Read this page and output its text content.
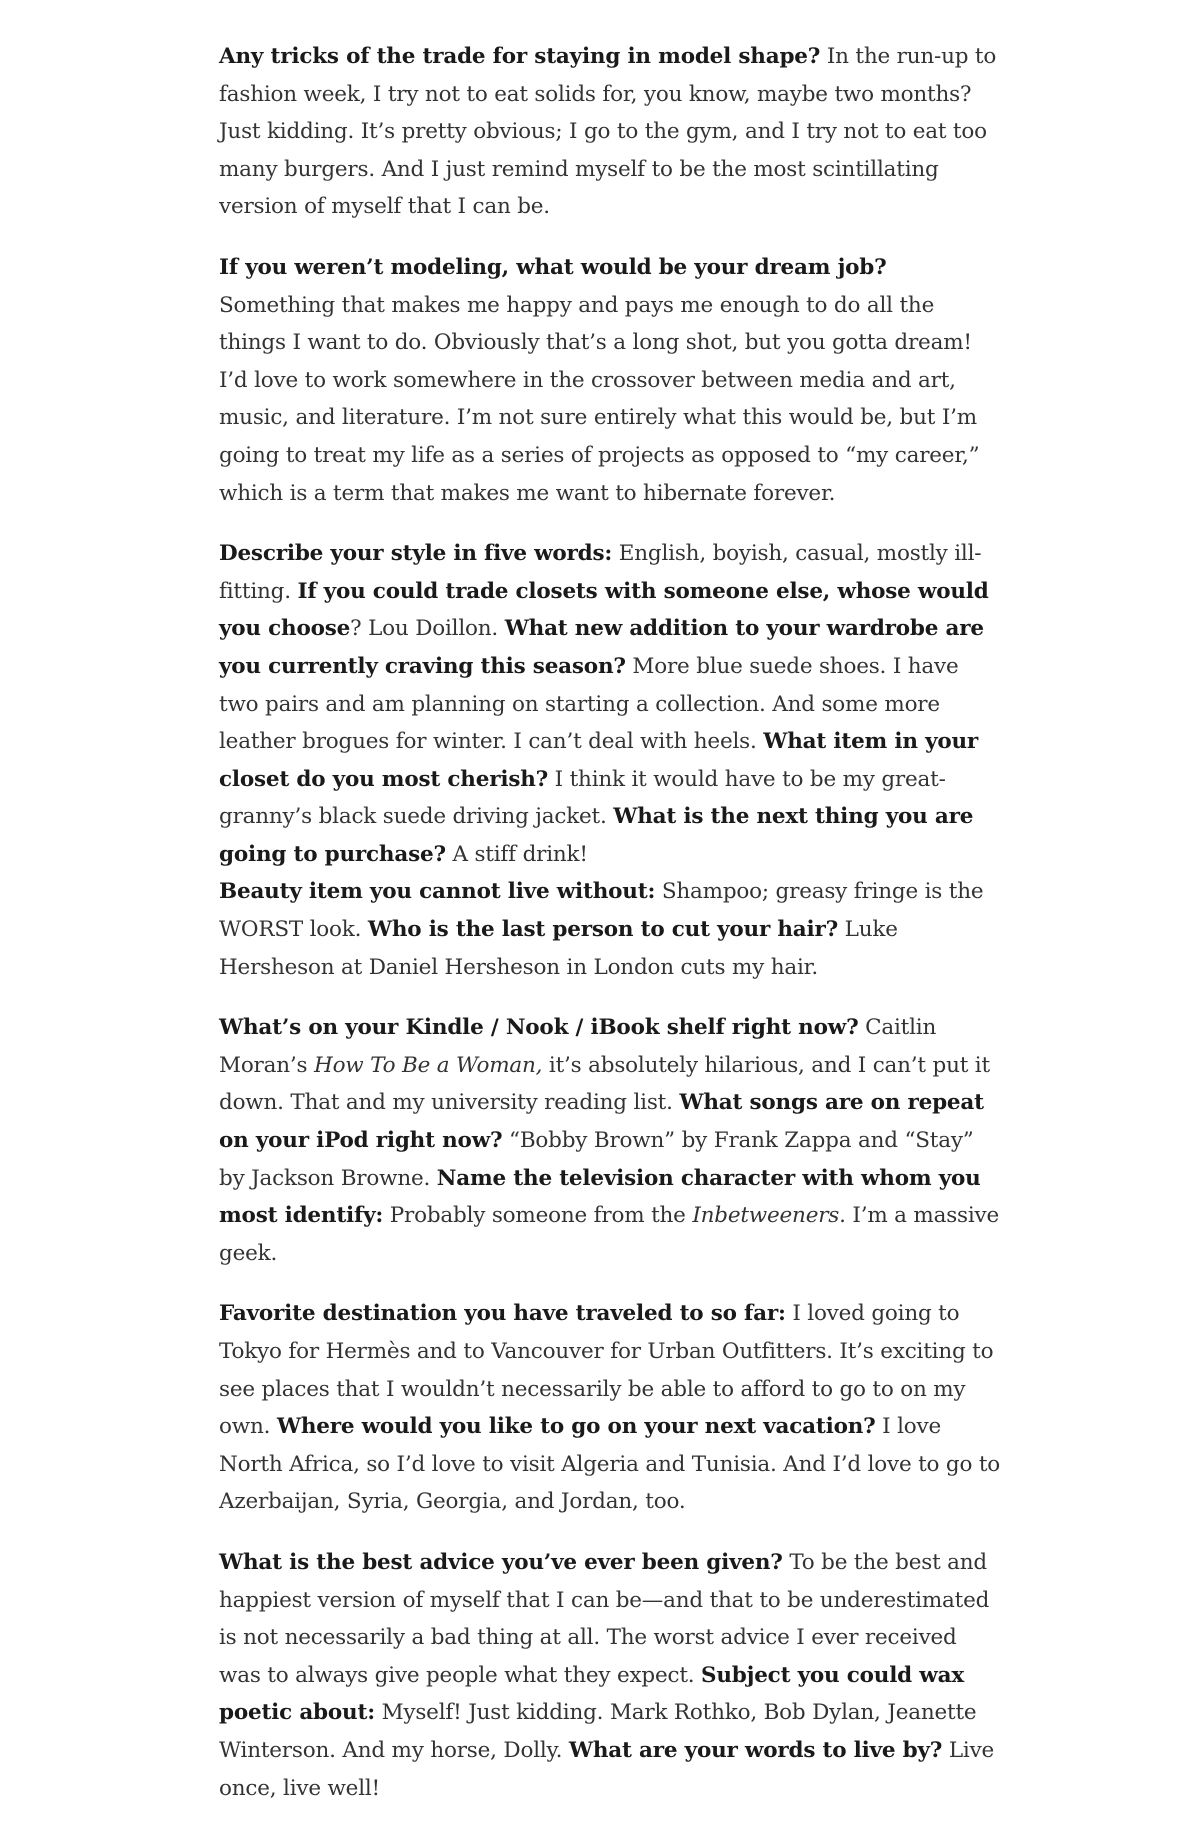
Any tricks of the trade for staying in model shape? In the run-up to fashion week, I try not to eat solids for, you know, maybe two months? Just kidding. It’s pretty obvious; I go to the gym, and I try not to eat too many burgers. And I just remind myself to be the most scintillating version of myself that I can be.

If you weren’t modeling, what would be your dream job? Something that makes me happy and pays me enough to do all the things I want to do. Obviously that’s a long shot, but you gotta dream! I’d love to work somewhere in the crossover between media and art, music, and literature. I’m not sure entirely what this would be, but I’m going to treat my life as a series of projects as opposed to “my career,” which is a term that makes me want to hibernate forever.

Describe your style in five words: English, boyish, casual, mostly ill-fitting. If you could trade closets with someone else, whose would you choose? Lou Doillon. What new addition to your wardrobe are you currently craving this season? More blue suede shoes. I have two pairs and am planning on starting a collection. And some more leather brogues for winter. I can’t deal with heels. What item in your closet do you most cherish? I think it would have to be my great-granny’s black suede driving jacket. What is the next thing you are going to purchase? A stiff drink!

Beauty item you cannot live without: Shampoo; greasy fringe is the WORST look. Who is the last person to cut your hair? Luke Hersheson at Daniel Hersheson in London cuts my hair.

What’s on your Kindle / Nook / iBook shelf right now? Caitlin Moran’s How To Be a Woman, it’s absolutely hilarious, and I can’t put it down. That and my university reading list. What songs are on repeat on your iPod right now? “Bobby Brown” by Frank Zappa and “Stay” by Jackson Browne. Name the television character with whom you most identify: Probably someone from the Inbetweeners. I’m a massive geek.

Favorite destination you have traveled to so far: I loved going to Tokyo for Hermès and to Vancouver for Urban Outfitters. It’s exciting to see places that I wouldn’t necessarily be able to afford to go to on my own. Where would you like to go on your next vacation? I love North Africa, so I’d love to visit Algeria and Tunisia. And I’d love to go to Azerbaijan, Syria, Georgia, and Jordan, too.

What is the best advice you’ve ever been given? To be the best and happiest version of myself that I can be—and that to be underestimated is not necessarily a bad thing at all. The worst advice I ever received was to always give people what they expect. Subject you could wax poetic about: Myself! Just kidding. Mark Rothko, Bob Dylan, Jeanette Winterson. And my horse, Dolly. What are your words to live by? Live once, live well!
